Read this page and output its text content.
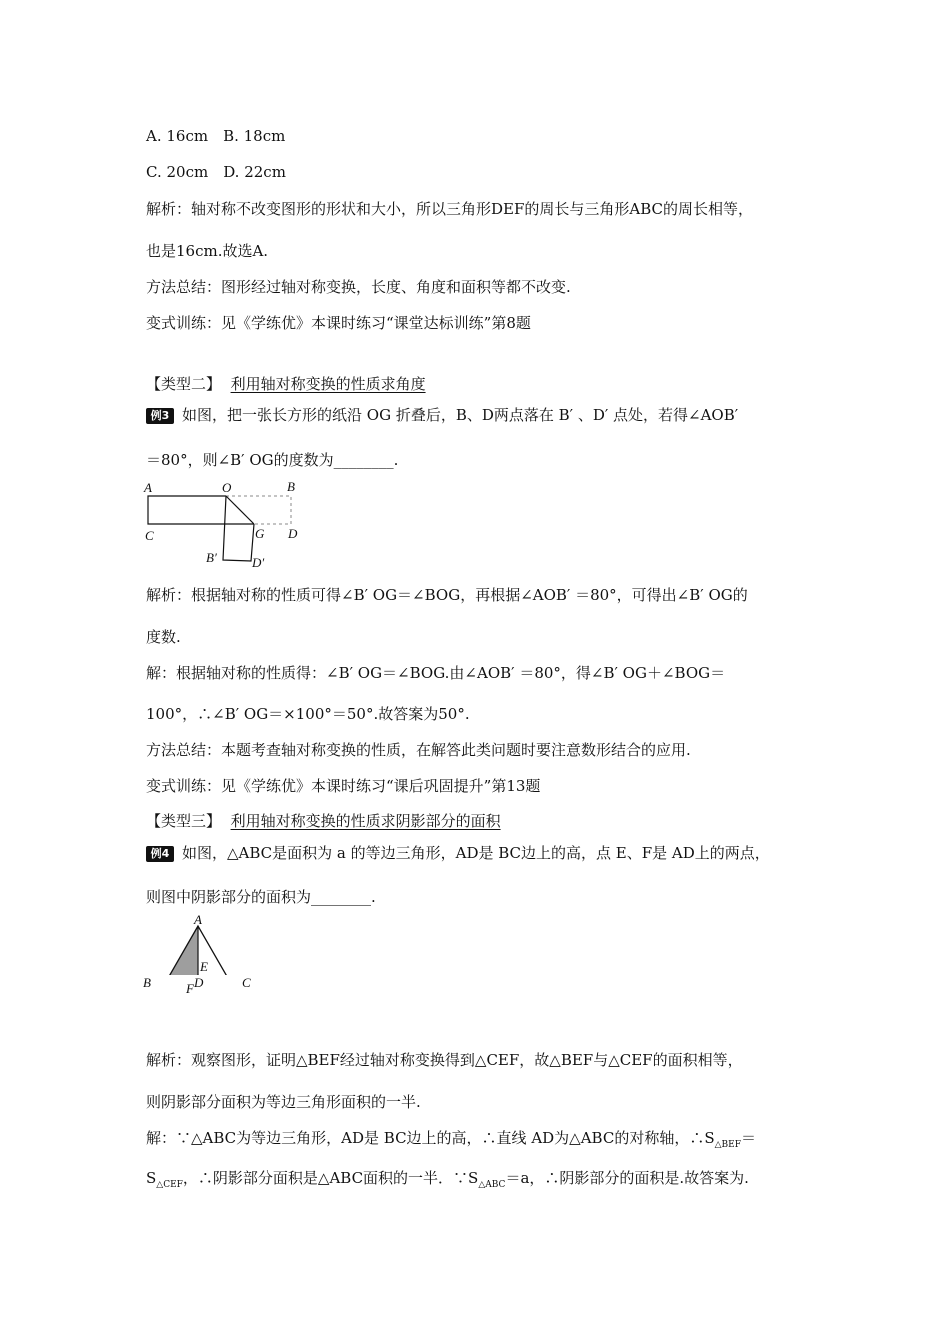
A. 16cm　B. 18cm
C. 20cm　D. 22cm
解析：轴对称不改变图形的形状和大小，所以三角形DEF的周长与三角形ABC的周长相等，
也是16cm.故选A.
方法总结：图形经过轴对称变换，长度、角度和面积等都不改变.
变式训练：见《学练优》本课时练习“课堂达标训练”第8题
【类型二】 利用轴对称变换的性质求角度
例3 如图，把一张长方形的纸沿 OG 折叠后，B、D两点落在 B′ 、D′ 点处，若得∠AOB′
＝80°，则∠B′ OG的度数为________.
A	O	B
C	G D
B′	D′
解析：根据轴对称的性质可得∠B′ OG＝∠BOG，再根据∠AOB′ ＝80°，可得出∠B′ OG的
度数.
解：根据轴对称的性质得：∠B′ OG＝∠BOG.由∠AOB′ ＝80°，得∠B′ OG＋∠BOG＝
100°，∴∠B′ OG＝×100°＝50°.故答案为50°.
方法总结：本题考查轴对称变换的性质，在解答此类问题时要注意数形结合的应用.
变式训练：见《学练优》本课时练习“课后巩固提升”第13题
【类型三】 利用轴对称变换的性质求阴影部分的面积
例4 如图，△ABC是面积为 a 的等边三角形，AD是 BC边上的高，点 E、F是 AD上的两点，
则图中阴影部分的面积为________.
A
E
F
B	D	C
解析：观察图形，证明△BEF经过轴对称变换得到△CEF，故△BEF与△CEF的面积相等，
则阴影部分面积为等边三角形面积的一半.
解：∵△ABC为等边三角形，AD是 BC边上的高，∴直线 AD为△ABC的对称轴，$\therefore S_{\triangle BEF}=$
$S_{\triangle CEF}$，∴阴影部分面积是△ABC面积的一半．$\because S_{\triangle ABC}=a$，∴阴影部分的面积是.故答案为.
